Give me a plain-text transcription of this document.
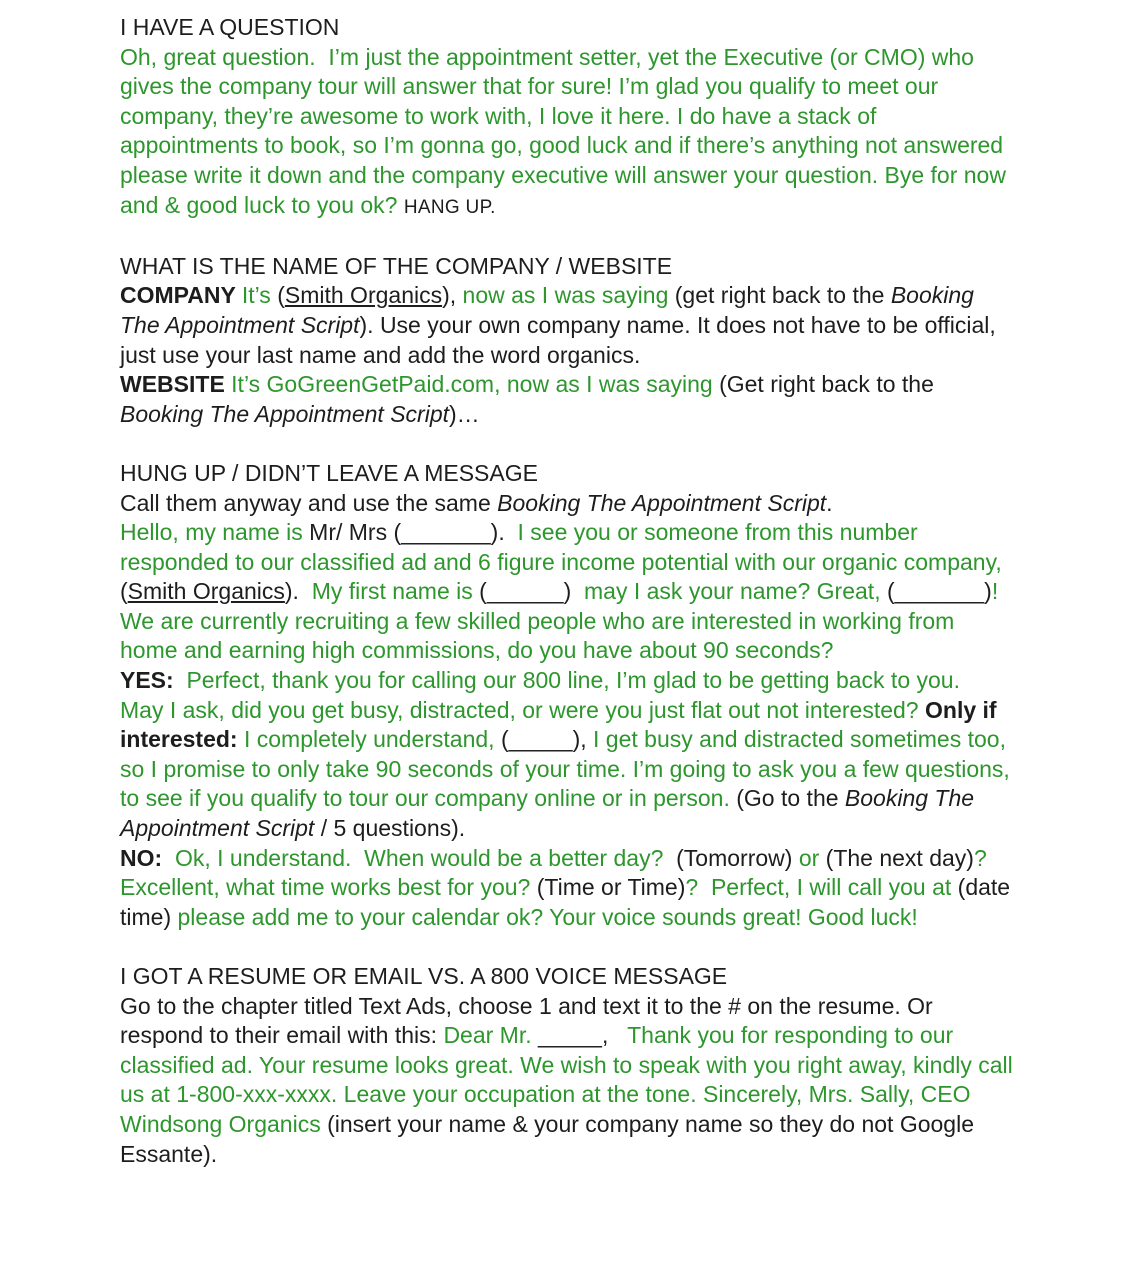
I HAVE A QUESTION

Oh, great question.  I’m just the appointment setter, yet the Executive (or CMO) who gives the company tour will answer that for sure! I’m glad you qualify to meet our company, they’re awesome to work with, I love it here. I do have a stack of appointments to book, so I’m gonna go, good luck and if there’s anything not answered please write it down and the company executive will answer your question. Bye for now and & good luck to you ok? HANG UP.

WHAT IS THE NAME OF THE COMPANY / WEBSITE

COMPANY It’s (Smith Organics), now as I was saying (get right back to the Booking The Appointment Script). Use your own company name. It does not have to be official, just use your last name and add the word organics.

WEBSITE It’s GoGreenGetPaid.com, now as I was saying (Get right back to the Booking The Appointment Script)…

HUNG UP / DIDN’T LEAVE A MESSAGE

Call them anyway and use the same Booking The Appointment Script.

Hello, my name is Mr/ Mrs (_______).  I see you or someone from this number responded to our classified ad and 6 figure income potential with our organic company, (Smith Organics).  My first name is (______)  may I ask your name? Great, (_______)! We are currently recruiting a few skilled people who are interested in working from home and earning high commissions, do you have about 90 seconds?

YES:  Perfect, thank you for calling our 800 line, I’m glad to be getting back to you.  May I ask, did you get busy, distracted, or were you just flat out not interested? Only if interested: I completely understand, (_____), I get busy and distracted sometimes too, so I promise to only take 90 seconds of your time. I’m going to ask you a few questions, to see if you qualify to tour our company online or in person. (Go to the Booking The Appointment Script / 5 questions).

NO:  Ok, I understand.  When would be a better day?  (Tomorrow) or (The next day)? Excellent, what time works best for you? (Time or Time)?  Perfect, I will call you at (date time) please add me to your calendar ok? Your voice sounds great! Good luck!

I GOT A RESUME OR EMAIL VS. A 800 VOICE MESSAGE

Go to the chapter titled Text Ads, choose 1 and text it to the # on the resume. Or respond to their email with this: Dear Mr. _____,   Thank you for responding to our classified ad. Your resume looks great. We wish to speak with you right away, kindly call us at 1-800-xxx-xxxx. Leave your occupation at the tone. Sincerely, Mrs. Sally, CEO Windsong Organics (insert your name & your company name so they do not Google Essante).
